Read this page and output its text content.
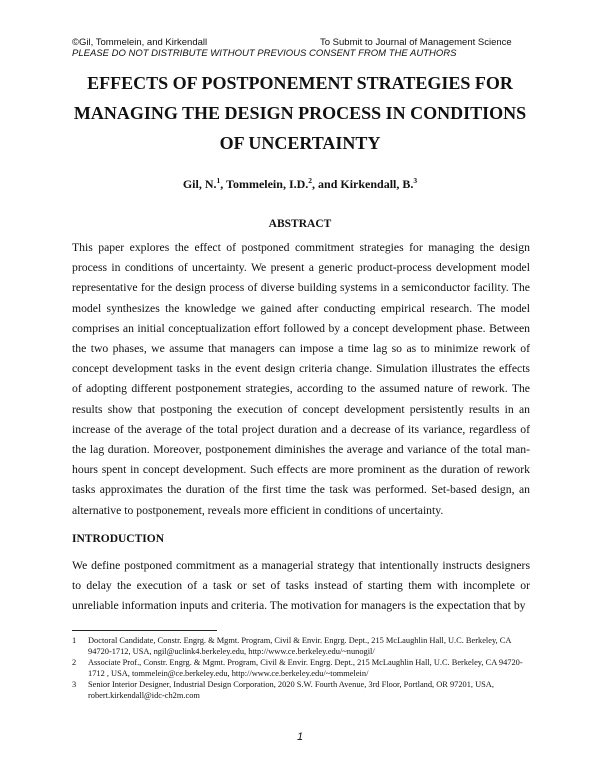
©Gil, Tommelein, and Kirkendall	To Submit to Journal of Management Science
PLEASE DO NOT DISTRIBUTE WITHOUT PREVIOUS CONSENT FROM THE AUTHORS
EFFECTS OF POSTPONEMENT STRATEGIES FOR
MANAGING THE DESIGN PROCESS IN CONDITIONS
OF UNCERTAINTY
Gil, N.$^1$, Tommelein, I.D.$^2$, and Kirkendall, B.$^3$
ABSTRACT

This paper explores the effect of postponed commitment strategies for managing the design process in conditions of uncertainty. We present a generic product-process development model representative for the design process of diverse building systems in a semiconductor facility. The model synthesizes the knowledge we gained after conducting empirical research. The model comprises an initial conceptualization effort followed by a concept development phase. Between the two phases, we assume that managers can impose a time lag so as to minimize rework of concept development tasks in the event design criteria change. Simulation illustrates the effects of adopting different postponement strategies, according to the assumed nature of rework. The results show that postponing the execution of concept development persistently results in an increase of the average of the total project duration and a decrease of its variance, regardless of the lag duration. Moreover, postponement diminishes the average and variance of the total man-hours spent in concept development. Such effects are more prominent as the duration of rework tasks approximates the duration of the first time the task was performed. Set-based design, an alternative to postponement, reveals more efficient in conditions of uncertainty.

INTRODUCTION

We define postponed commitment as a managerial strategy that intentionally instructs designers to delay the execution of a task or set of tasks instead of starting them with incomplete or unreliable information inputs and criteria. The motivation for managers is the expectation that by

1 Doctoral Candidate, Constr. Engrg. & Mgmt. Program, Civil & Envir. Engrg. Dept., 215 McLaughlin Hall, U.C. Berkeley, CA 94720-1712, USA, ngil@uclink4.berkeley.edu, http://www.ce.berkeley.edu/~nunogil/
2 Associate Prof., Constr. Engrg. & Mgmt. Program, Civil & Envir. Engrg. Dept., 215 McLaughlin Hall, U.C. Berkeley, CA 94720-1712 , USA, tommelein@ce.berkeley.edu, http://www.ce.berkeley.edu/~tommelein/
3 Senior Interior Designer, Industrial Design Corporation, 2020 S.W. Fourth Avenue, 3rd Floor, Portland, OR 97201, USA, robert.kirkendall@idc-ch2m.com
1
